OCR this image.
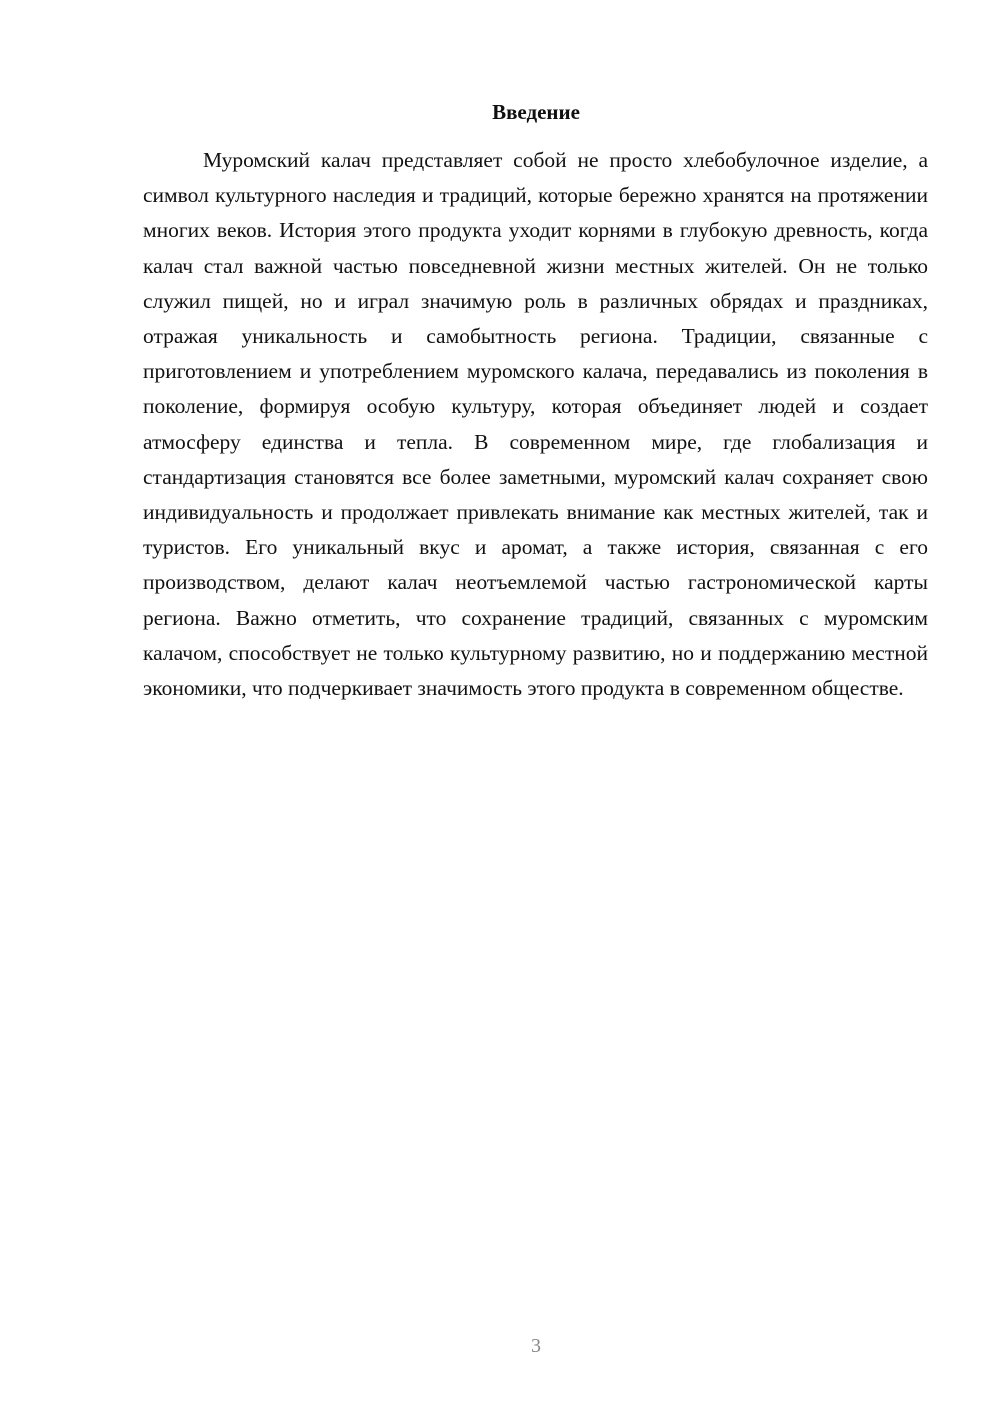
Введение

Муромский калач представляет собой не просто хлебобулочное изделие, а символ культурного наследия и традиций, которые бережно хранятся на протяжении многих веков. История этого продукта уходит корнями в глубокую древность, когда калач стал важной частью повседневной жизни местных жителей. Он не только служил пищей, но и играл значимую роль в различных обрядах и праздниках, отражая уникальность и самобытность региона. Традиции, связанные с приготовлением и употреблением муромского калача, передавались из поколения в поколение, формируя особую культуру, которая объединяет людей и создает атмосферу единства и тепла. В современном мире, где глобализация и стандартизация становятся все более заметными, муромский калач сохраняет свою индивидуальность и продолжает привлекать внимание как местных жителей, так и туристов. Его уникальный вкус и аромат, а также история, связанная с его производством, делают калач неотъемлемой частью гастрономической карты региона. Важно отметить, что сохранение традиций, связанных с муромским калачом, способствует не только культурному развитию, но и поддержанию местной экономики, что подчеркивает значимость этого продукта в современном обществе.

3
